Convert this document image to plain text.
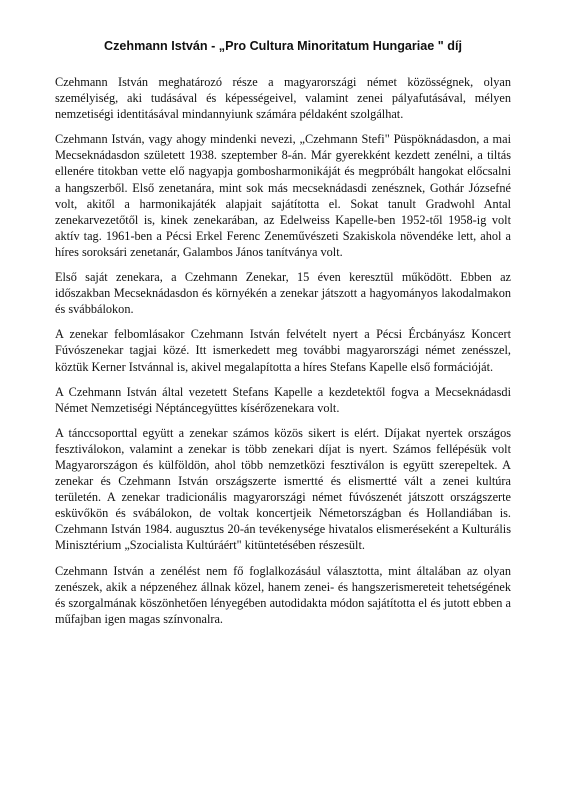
Czehmann István - „Pro Cultura Minoritatum Hungariae " díj

Czehmann István meghatározó része a magyarországi német közösségnek, olyan személyiség, aki tudásával és képességeivel, valamint zenei pályafutásával, mélyen nemzetiségi identitásával mindannyiunk számára példaként szolgálhat.

Czehmann István, vagy ahogy mindenki nevezi, „Czehmann Stefi" Püspöknádasdon, a mai Mecseknádasdon született 1938. szeptember 8-án. Már gyerekként kezdett zenélni, a tiltás ellenére titokban vette elő nagyapja gombosharmonikáját és megpróbált hangokat előcsalni a hangszerből. Első zenetanára, mint sok más mecseknádasdi zenésznek, Gothár Józsefné volt, akitől a harmonikajáték alapjait sajátította el. Sokat tanult Gradwohl Antal zenekarvezetőtől is, kinek zenekarában, az Edelweiss Kapelle-ben 1952-től 1958-ig volt aktív tag. 1961-ben a Pécsi Erkel Ferenc Zeneművészeti Szakiskola növendéke lett, ahol a híres soroksári zenetanár, Galambos János tanítványa volt.

Első saját zenekara, a Czehmann Zenekar, 15 éven keresztül működött. Ebben az időszakban Mecseknádasdon és környékén a zenekar játszott a hagyományos lakodalmakon és svábbálokon.

A zenekar felbomlásakor Czehmann István felvételt nyert a Pécsi Ércbányász Koncert Fúvószenekar tagjai közé. Itt ismerkedett meg további magyarországi német zenésszel, köztük Kerner Istvánnal is, akivel megalapította a híres Stefans Kapelle első formációját.

A Czehmann István által vezetett Stefans Kapelle a kezdetektől fogva a Mecseknádasdi Német Nemzetiségi Néptáncegyüttes kísérőzenekara volt.

A tánccsoporttal együtt a zenekar számos közös sikert is elért. Díjakat nyertek országos fesztiválokon, valamint a zenekar is több zenekari díjat is nyert. Számos fellépésük volt Magyarországon és külföldön, ahol több nemzetközi fesztiválon is együtt szerepeltek. A zenekar és Czehmann István országszerte ismertté és elismertté vált a zenei kultúra területén. A zenekar tradicionális magyarországi német fúvószenét játszott országszerte esküvőkön és svábálokon, de voltak koncertjeik Németországban és Hollandiában is. Czehmann István 1984. augusztus 20-án tevékenysége hivatalos elismeréseként a Kulturális Minisztérium „Szocialista Kultúráért" kitüntetésében részesült.

Czehmann István a zenélést nem fő foglalkozásául választotta, mint általában az olyan zenészek, akik a népzenéhez állnak közel, hanem zenei- és hangszerismereteit tehetségének és szorgalmának köszönhetően lényegében autodidakta módon sajátította el és jutott ebben a műfajban igen magas színvonalra.
